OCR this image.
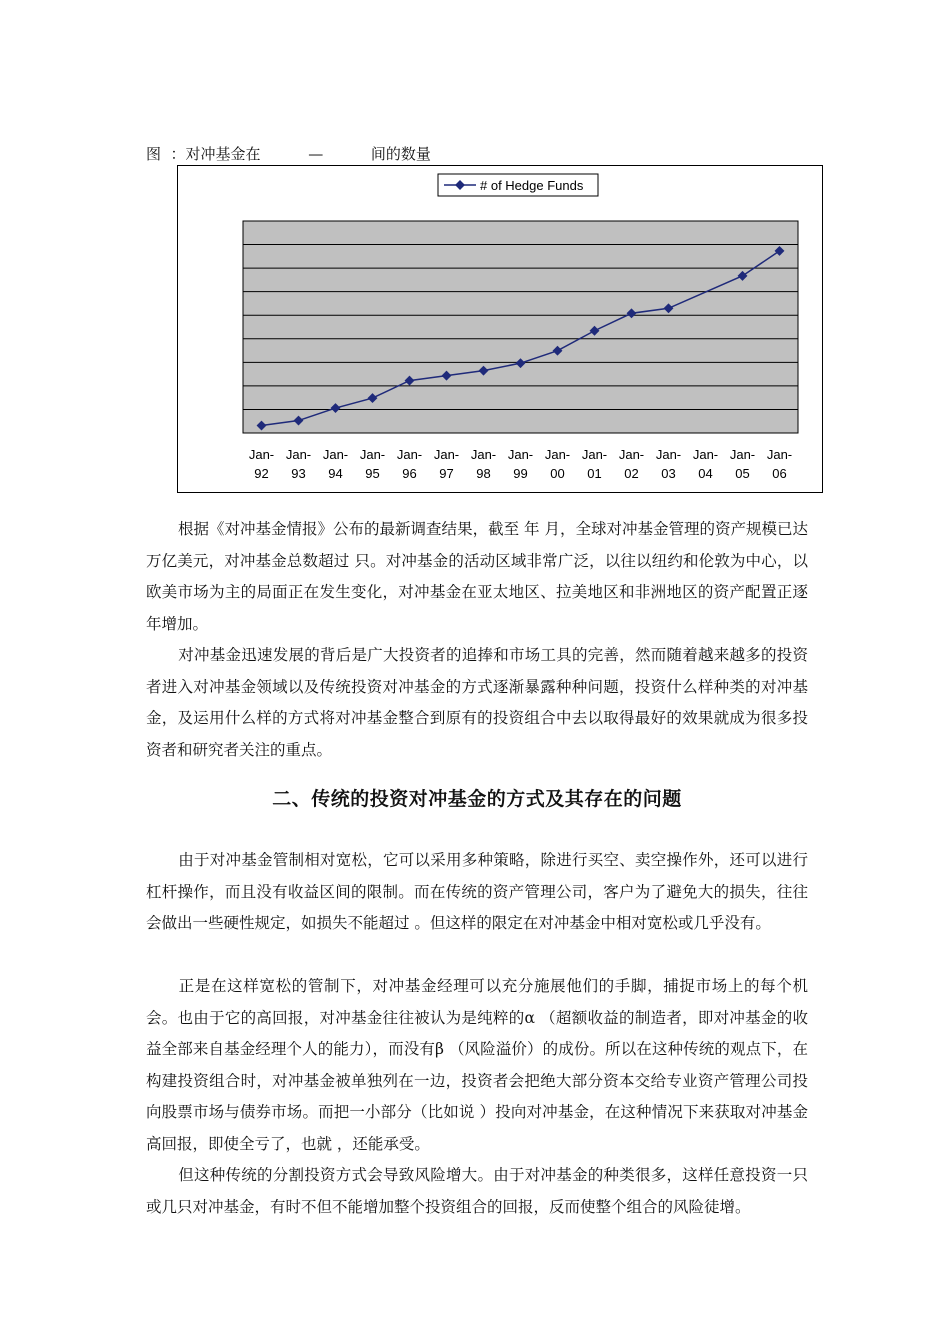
图  ：对冲基金在          —          间的数量
# of Hedge Funds
Jan-
92
Jan-
93
Jan-
94
Jan-
95
Jan-
96
Jan-
97
Jan-
98
Jan-
99
Jan-
00
Jan-
01
Jan-
02
Jan-
03
Jan-
04
Jan-
05
Jan-
06

根据《对冲基金情报》公布的最新调查结果，截至 年 月，全球对冲基金管理的资产规模已达 万亿美元，对冲基金总数超过 只。对冲基金的活动区域非常广泛，以往以纽约和伦敦为中心，以欧美市场为主的局面正在发生变化，对冲基金在亚太地区、拉美地区和非洲地区的资产配置正逐年增加。

对冲基金迅速发展的背后是广大投资者的追捧和市场工具的完善，然而随着越来越多的投资者进入对冲基金领域以及传统投资对冲基金的方式逐渐暴露种种问题，投资什么样种类的对冲基金，及运用什么样的方式将对冲基金整合到原有的投资组合中去以取得最好的效果就成为很多投资者和研究者关注的重点。

二、传统的投资对冲基金的方式及其存在的问题

由于对冲基金管制相对宽松，它可以采用多种策略，除进行买空、卖空操作外，还可以进行杠杆操作，而且没有收益区间的限制。而在传统的资产管理公司，客户为了避免大的损失，往往会做出一些硬性规定，如损失不能超过 。但这样的限定在对冲基金中相对宽松或几乎没有。

正是在这样宽松的管制下，对冲基金经理可以充分施展他们的手脚，捕捉市场上的每个机会。也由于它的高回报，对冲基金往往被认为是纯粹的α （超额收益的制造者，即对冲基金的收益全部来自基金经理个人的能力），而没有β （风险溢价）的成份。所以在这种传统的观点下，在构建投资组合时，对冲基金被单独列在一边，投资者会把绝大部分资本交给专业资产管理公司投向股票市场与债券市场。而把一小部分（比如说 ）投向对冲基金，在这种情况下来获取对冲基金高回报，即使全亏了，也就 ，还能承受。

但这种传统的分割投资方式会导致风险增大。由于对冲基金的种类很多，这样任意投资一只或几只对冲基金，有时不但不能增加整个投资组合的回报，反而使整个组合的风险徒增。
